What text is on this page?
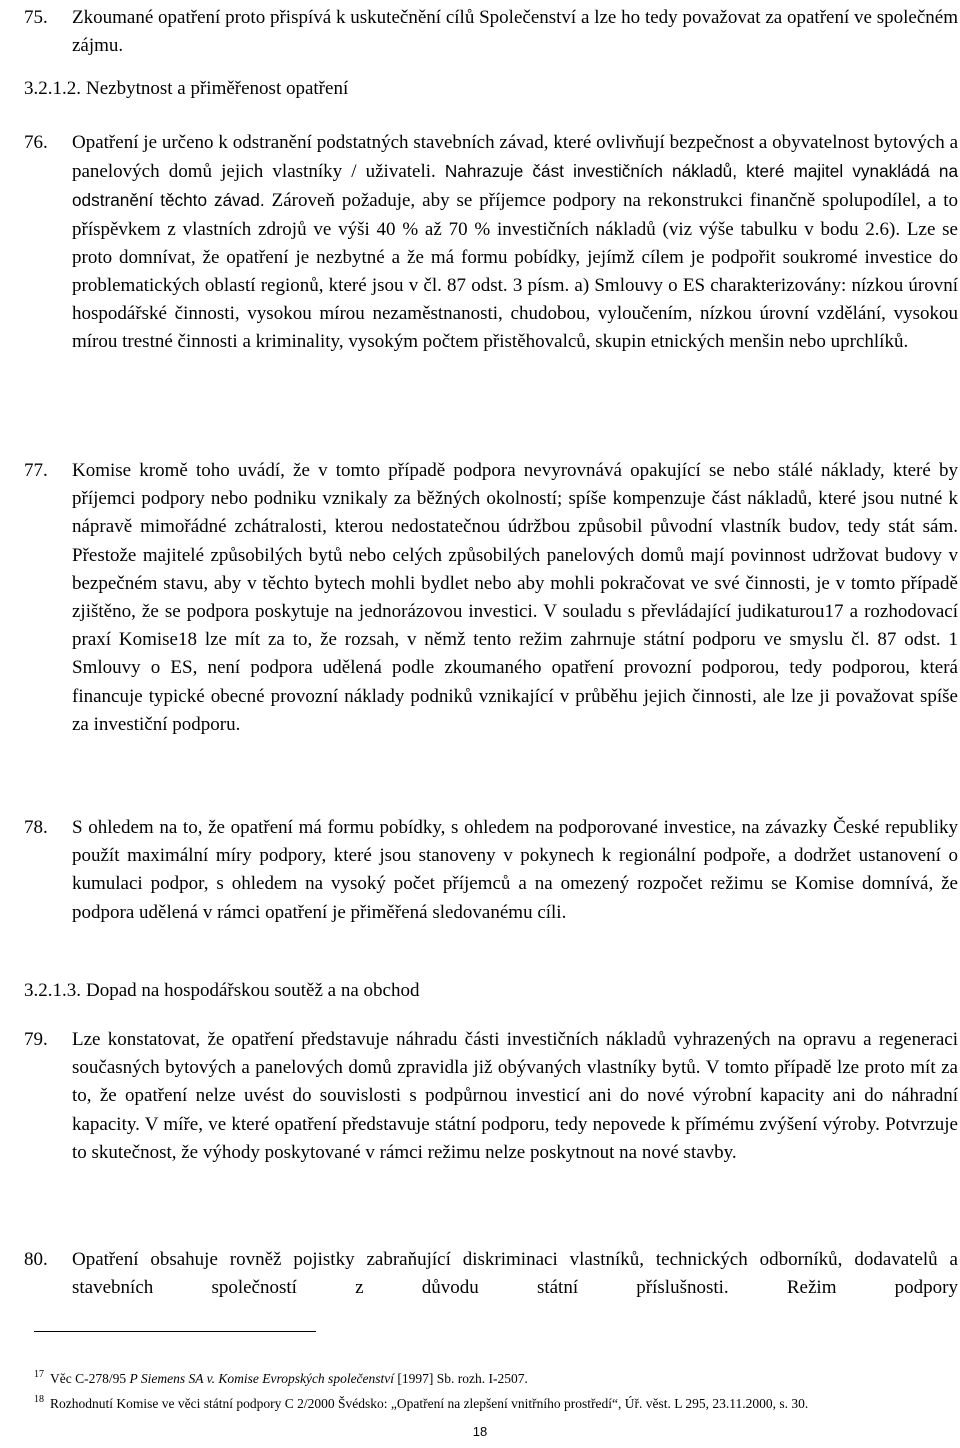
75. Zkoumané opatření proto přispívá k uskutečnění cílů Společenství a lze ho tedy považovat za opatření ve společném zájmu.
3.2.1.2. Nezbytnost a přiměřenost opatření
76. Opatření je určeno k odstranění podstatných stavebních závad, které ovlivňují bezpečnost a obyvatelnost bytových a panelových domů jejich vlastníky / uživateli. Nahrazuje část investičních nákladů, které majitel vynakládá na odstranění těchto závad. Zároveň požaduje, aby se příjemce podpory na rekonstrukci finančně spolupodílel, a to příspěvkem z vlastních zdrojů ve výši 40 % až 70 % investičních nákladů (viz výše tabulku v bodu 2.6). Lze se proto domnívat, že opatření je nezbytné a že má formu pobídky, jejímž cílem je podpořit soukromé investice do problematických oblastí regionů, které jsou v čl. 87 odst. 3 písm. a) Smlouvy o ES charakterizovány: nízkou úrovní hospodářské činnosti, vysokou mírou nezaměstnanosti, chudobou, vyloučením, nízkou úrovní vzdělání, vysokou mírou trestné činnosti a kriminality, vysokým počtem přistěhovalců, skupin etnických menšin nebo uprchlíků.
77. Komise kromě toho uvádí, že v tomto případě podpora nevyrovnává opakující se nebo stálé náklady, které by příjemci podpory nebo podniku vznikaly za běžných okolností; spíše kompenzuje část nákladů, které jsou nutné k nápravě mimořádné zchátralosti, kterou nedostatečnou údržbou způsobil původní vlastník budov, tedy stát sám. Přestože majitelé způsobilých bytů nebo celých způsobilých panelových domů mají povinnost udržovat budovy v bezpečném stavu, aby v těchto bytech mohli bydlet nebo aby mohli pokračovat ve své činnosti, je v tomto případě zjištěno, že se podpora poskytuje na jednorázovou investici. V souladu s převládající judikaturou17 a rozhodovací praxí Komise18 lze mít za to, že rozsah, v němž tento režim zahrnuje státní podporu ve smyslu čl. 87 odst. 1 Smlouvy o ES, není podpora udělená podle zkoumaného opatření provozní podporou, tedy podporou, která financuje typické obecné provozní náklady podniků vznikající v průběhu jejich činnosti, ale lze ji považovat spíše za investiční podporu.
78. S ohledem na to, že opatření má formu pobídky, s ohledem na podporované investice, na závazky České republiky použít maximální míry podpory, které jsou stanoveny v pokynech k regionální podpoře, a dodržet ustanovení o kumulaci podpor, s ohledem na vysoký počet příjemců a na omezený rozpočet režimu se Komise domnívá, že podpora udělená v rámci opatření je přiměřená sledovanému cíli.
3.2.1.3. Dopad na hospodářskou soutěž a na obchod
79. Lze konstatovat, že opatření představuje náhradu části investičních nákladů vyhrazených na opravu a regeneraci současných bytových a panelových domů zpravidla již obývaných vlastníky bytů. V tomto případě lze proto mít za to, že opatření nelze uvést do souvislosti s podpůrnou investicí ani do nové výrobní kapacity ani do náhradní kapacity. V míře, ve které opatření představuje státní podporu, tedy nepovede k přímému zvýšení výroby. Potvrzuje to skutečnost, že výhody poskytované v rámci režimu nelze poskytnout na nové stavby.
80. Opatření obsahuje rovněž pojistky zabraňující diskriminaci vlastníků, technických odborníků, dodavatelů a stavebních společností z důvodu státní příslušnosti. Režim podpory
$^{17}$ Věc C-278/95 P Siemens SA v. Komise Evropských společenství [1997] Sb. rozh. I-2507.
$^{18}$ Rozhodnutí Komise ve věci státní podpory C 2/2000 Švédsko: „Opatření na zlepšení vnitřního prostředí“, Úř. věst. L 295, 23.11.2000, s. 30.
18
